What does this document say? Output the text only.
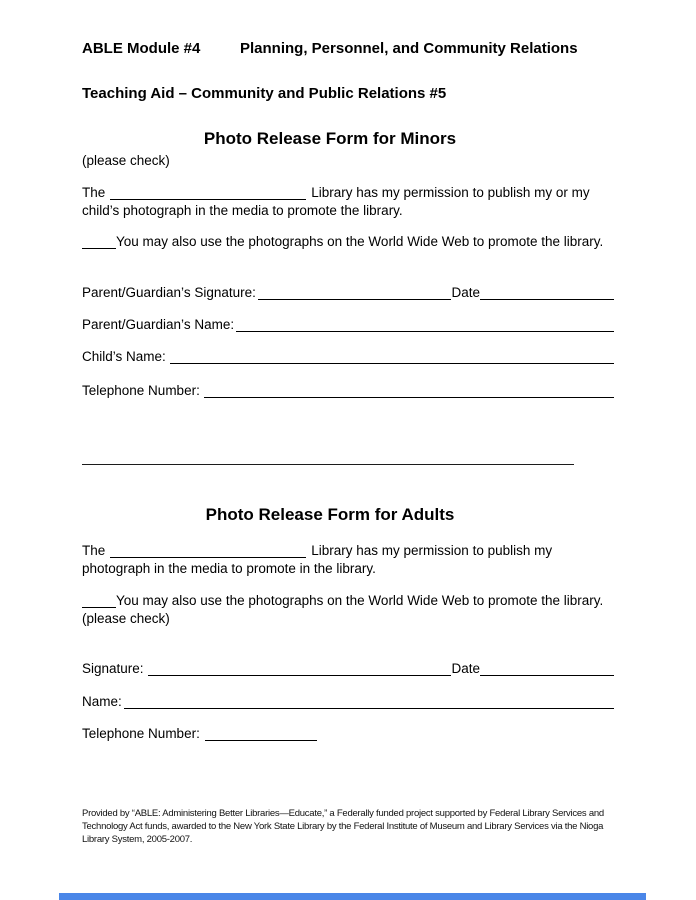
ABLE Module #4	Planning, Personnel, and Community Relations
Teaching Aid – Community and Public Relations #5
Photo Release Form for Minors
(please check)
The	Library has my permission to publish my or my
child’s photograph in the media to promote the library.
You may also use the photographs on the World Wide Web to promote the library.
Parent/Guardian’s Signature:	Date
Parent/Guardian’s Name:
Child’s Name:
Telephone Number:
Photo Release Form for Adults
The	Library has my permission to publish my
photograph in the media to promote in the library.
You may also use the photographs on the World Wide Web to promote the library.
(please check)
Signature:	Date
Name:
Telephone Number:
Provided by “ABLE: Administering Better Libraries—Educate,” a Federally funded project supported by Federal Library Services and
Technology Act funds, awarded to the New York State Library by the Federal Institute of Museum and Library Services via the Nioga
Library System, 2005-2007.
